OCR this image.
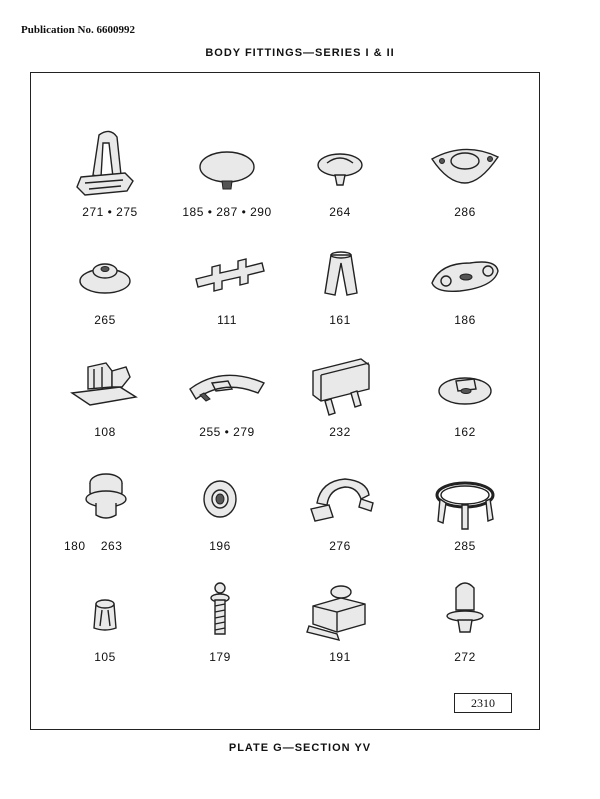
Publication No. 6600992
BODY FITTINGS—SERIES I & II
271 • 275	185 • 287 • 290	264	286
265	111	161	186
108	255 • 279	232	162
180    263	196	276	285
105	179	191	272
2310
PLATE G—SECTION YV
